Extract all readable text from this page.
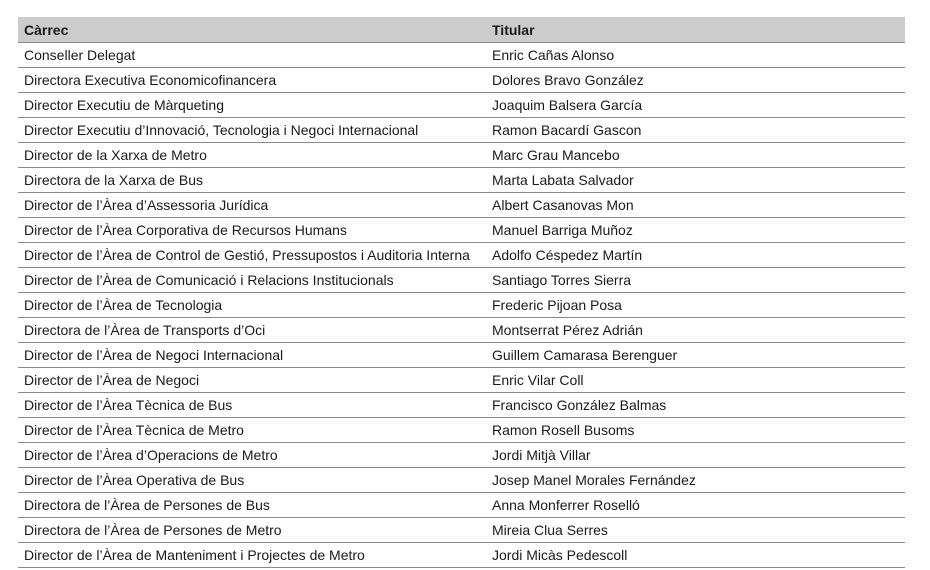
Càrrec	Titular
Conseller Delegat	Enric Cañas Alonso
Directora Executiva Economicofinancera	Dolores Bravo González
Director Executiu de Màrqueting	Joaquim Balsera García
Director Executiu d’Innovació, Tecnologia i Negoci Internacional	Ramon Bacardí Gascon
Director de la Xarxa de Metro	Marc Grau Mancebo
Directora de la Xarxa de Bus	Marta Labata Salvador
Director de l’Àrea d’Assessoria Jurídica	Albert Casanovas Mon
Director de l’Àrea Corporativa de Recursos Humans	Manuel Barriga Muñoz
Director de l’Àrea de Control de Gestió, Pressupostos i Auditoria Interna	Adolfo Céspedez Martín
Director de l’Àrea de Comunicació i Relacions Institucionals	Santiago Torres Sierra
Director de l’Àrea de Tecnologia	Frederic Pijoan Posa
Directora de l’Àrea de Transports d’Oci	Montserrat Pérez Adrián
Director de l’Àrea de Negoci Internacional	Guillem Camarasa Berenguer
Director de l’Àrea de Negoci	Enric Vilar Coll
Director de l’Àrea Tècnica de Bus	Francisco González Balmas
Director de l’Àrea Tècnica de Metro	Ramon Rosell Busoms
Director de l’Àrea d’Operacions de Metro	Jordi Mitjà Villar
Director de l’Àrea Operativa de Bus	Josep Manel Morales Fernández
Directora de l’Àrea de Persones de Bus	Anna Monferrer Roselló
Directora de l’Àrea de Persones de Metro	Mireia Clua Serres
Director de l’Àrea de Manteniment i Projectes de Metro	Jordi Micàs Pedescoll
